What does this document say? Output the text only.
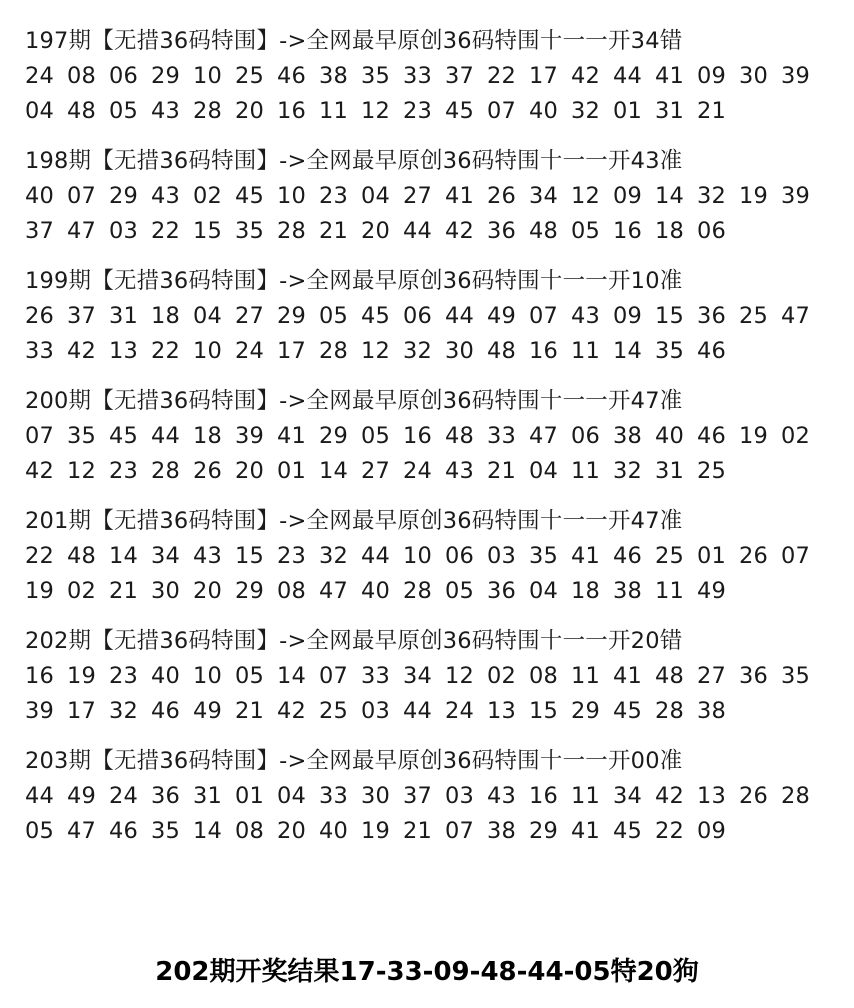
197期【无措36码特围】->全网最早原创36码特围十一一开34错
24 08 06 29 10 25 46 38 35 33 37 22 17 42 44 41 09 30 39
04 48 05 43 28 20 16 11 12 23 45 07 40 32 01 31 21
198期【无措36码特围】->全网最早原创36码特围十一一开43准
40 07 29 43 02 45 10 23 04 27 41 26 34 12 09 14 32 19 39
37 47 03 22 15 35 28 21 20 44 42 36 48 05 16 18 06
199期【无措36码特围】->全网最早原创36码特围十一一开10准
26 37 31 18 04 27 29 05 45 06 44 49 07 43 09 15 36 25 47
33 42 13 22 10 24 17 28 12 32 30 48 16 11 14 35 46
200期【无措36码特围】->全网最早原创36码特围十一一开47准
07 35 45 44 18 39 41 29 05 16 48 33 47 06 38 40 46 19 02
42 12 23 28 26 20 01 14 27 24 43 21 04 11 32 31 25
201期【无措36码特围】->全网最早原创36码特围十一一开47准
22 48 14 34 43 15 23 32 44 10 06 03 35 41 46 25 01 26 07
19 02 21 30 20 29 08 47 40 28 05 36 04 18 38 11 49
202期【无措36码特围】->全网最早原创36码特围十一一开20错
16 19 23 40 10 05 14 07 33 34 12 02 08 11 41 48 27 36 35
39 17 32 46 49 21 42 25 03 44 24 13 15 29 45 28 38
203期【无措36码特围】->全网最早原创36码特围十一一开00准
44 49 24 36 31 01 04 33 30 37 03 43 16 11 34 42 13 26 28
05 47 46 35 14 08 20 40 19 21 07 38 29 41 45 22 09
202期开奖结果17-33-09-48-44-05特20狗
